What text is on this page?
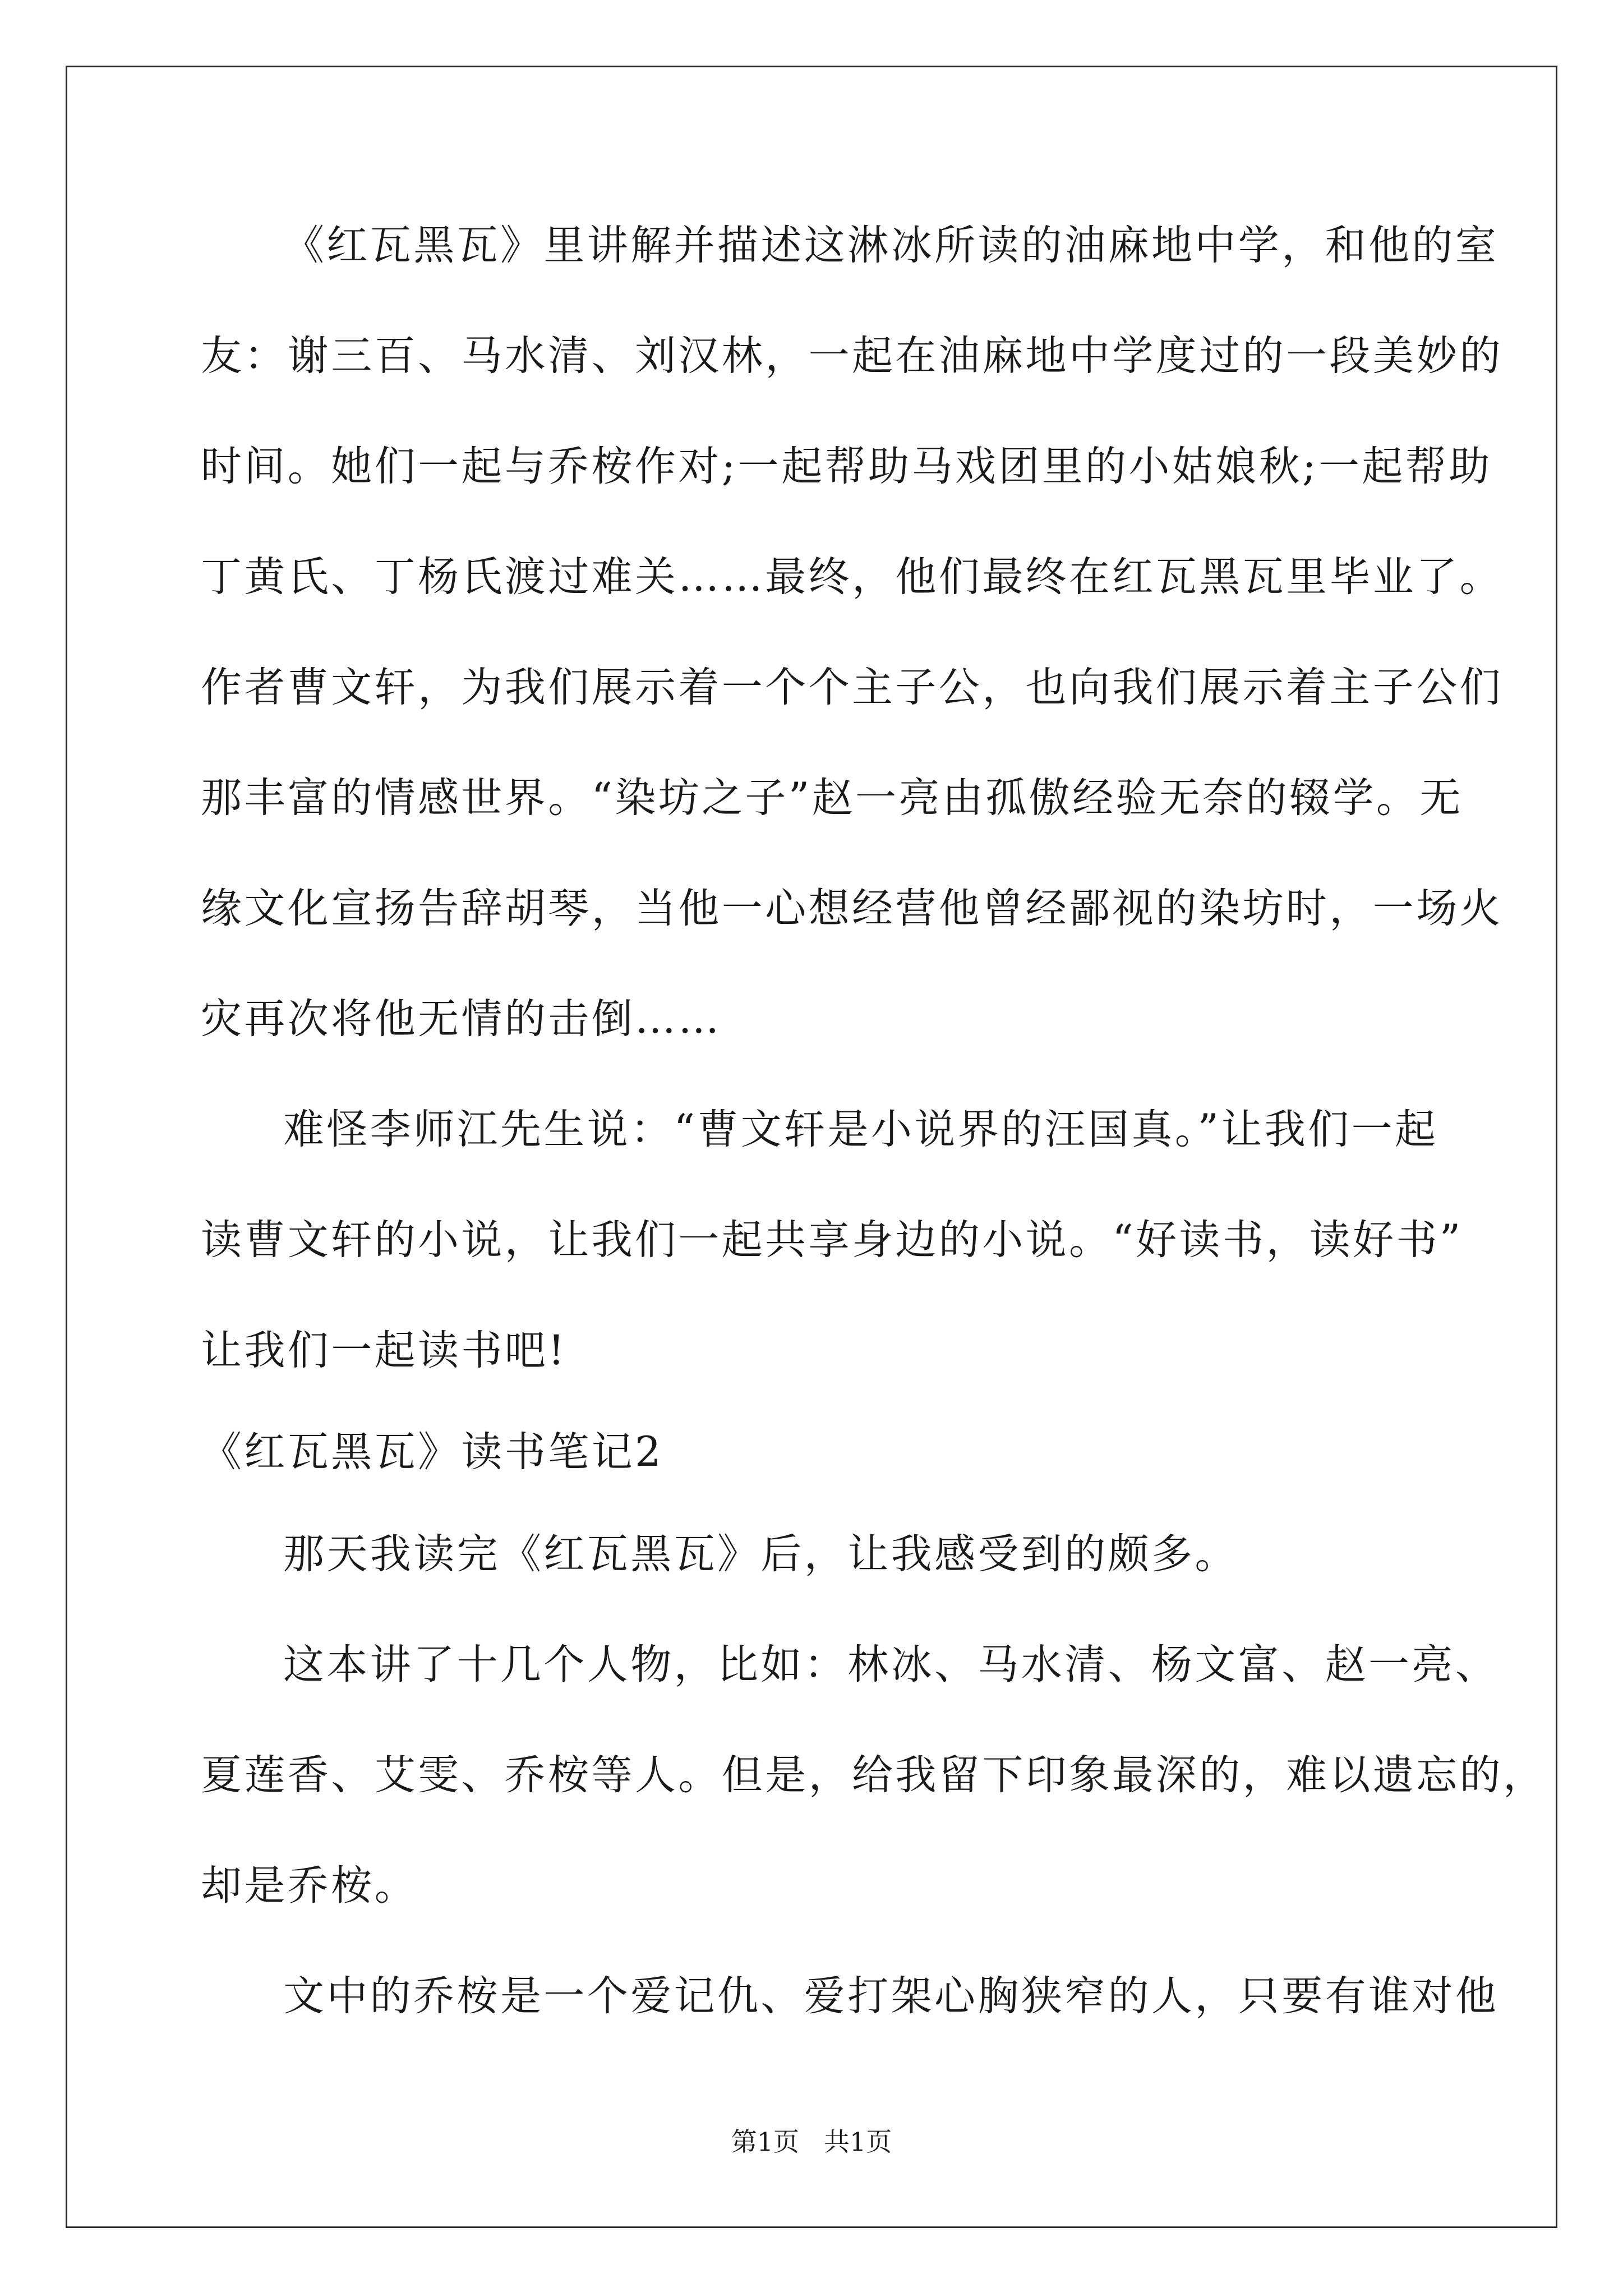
《红瓦黑瓦》里讲解并描述这淋冰所读的油麻地中学，和他的室
友：谢三百、马水清、刘汉林，一起在油麻地中学度过的一段美妙的
时间。她们一起与乔桉作对;一起帮助马戏团里的小姑娘秋;一起帮助
丁黄氏、丁杨氏渡过难关……最终，他们最终在红瓦黑瓦里毕业了。
作者曹文轩，为我们展示着一个个主子公，也向我们展示着主子公们
那丰富的情感世界。“染坊之子”赵一亮由孤傲经验无奈的辍学。无
缘文化宣扬告辞胡琴，当他一心想经营他曾经鄙视的染坊时，一场火
灾再次将他无情的击倒……
难怪李师江先生说：“曹文轩是小说界的汪国真。”让我们一起
读曹文轩的小说，让我们一起共享身边的小说。“好读书，读好书”
让我们一起读书吧!
《红瓦黑瓦》读书笔记2
那天我读完《红瓦黑瓦》后，让我感受到的颇多。
这本讲了十几个人物，比如：林冰、马水清、杨文富、赵一亮、
夏莲香、艾雯、乔桉等人。但是，给我留下印象最深的，难以遗忘的，
却是乔桉。
文中的乔桉是一个爱记仇、爱打架心胸狭窄的人，只要有谁对他
第1页 共1页
